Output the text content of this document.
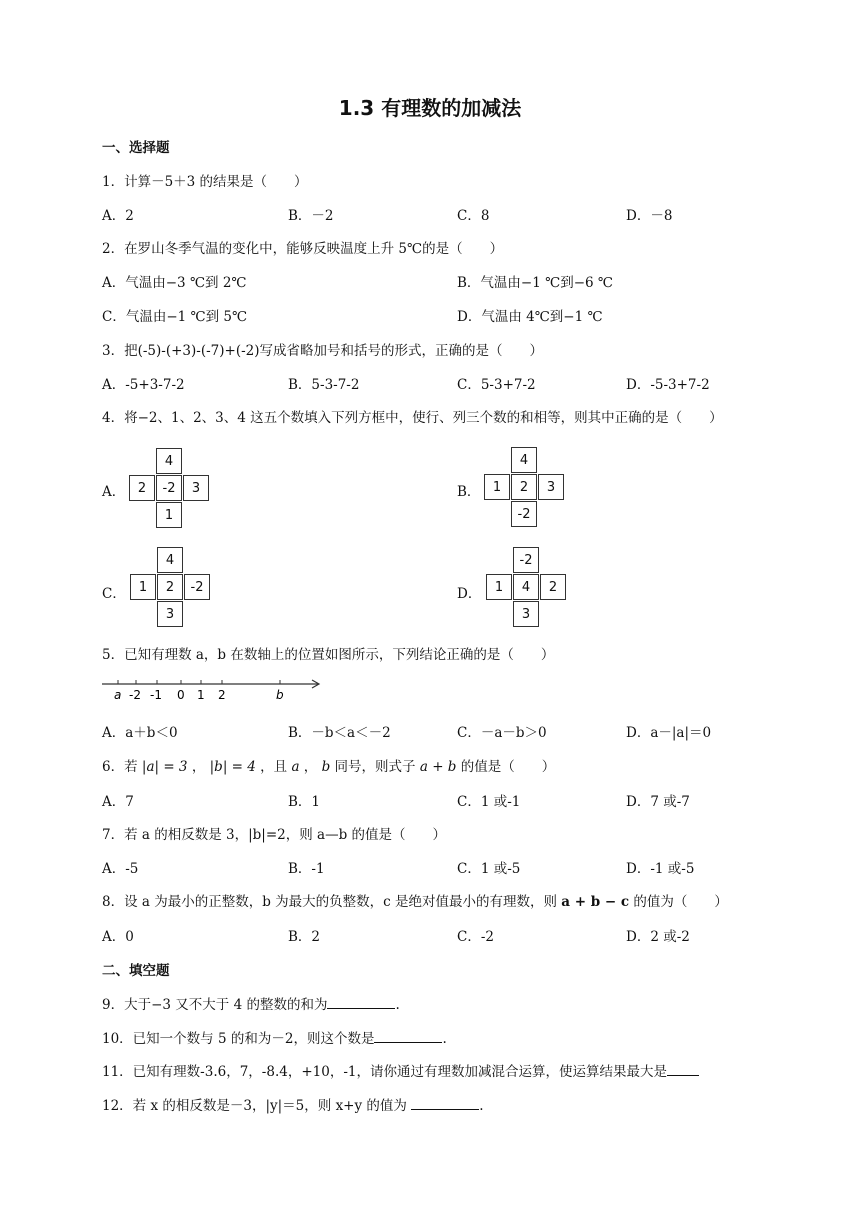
1.3 有理数的加减法
一、选择题
1．计算－5＋3 的结果是（　　）
A．2	B．－2	C．8	D．－8
2．在罗山冬季气温的变化中，能够反映温度上升 5℃的是（　　）
A．气温由−3 ℃到 2℃	B．气温由−1 ℃到−6 ℃
C．气温由−1 ℃到 5℃	D．气温由 4℃到−1 ℃
3．把(-5)-(+3)-(-7)+(-2)写成省略加号和括号的形式，正确的是（　　）
A．-5+3-7-2	B．5-3-7-2	C．5-3+7-2	D．-5-3+7-2
4．将−2、1、2、3、4 这五个数填入下列方框中，使行、列三个数的和相等，则其中正确的是（　　）
A．
4
2	-2	3
1
B．
4
1	2	3
-2
C．
4
1	2	-2
3
D．
-2
1	4	2
3
5．已知有理数 a，b 在数轴上的位置如图所示，下列结论正确的是（　　）
a -2 -1 0 1 2	b
A．a＋b＜0	B．－b＜a＜－2	C．－a－b＞0	D．a－|a|＝0
6．若 |a| = 3 ， |b| = 4 ，且 a ， b 同号，则式子 a + b 的值是（　　）
A．7	B．1	C．1 或-1	D．7 或-7
7．若 a 的相反数是 3，|b|=2，则 a—b 的值是（　　）
A．-5	B．-1	C．1 或-5	D．-1 或-5
8．设 a 为最小的正整数，b 为最大的负整数，c 是绝对值最小的有理数，则 a + b − c 的值为（　　）
A．0	B．2	C．-2	D．2 或-2
二、填空题
9．大于−3 又不大于 4 的整数的和为	.
10．已知一个数与 5 的和为－2，则这个数是	.
11．已知有理数-3.6，7，-8.4，+10，-1，请你通过有理数加减混合运算，使运算结果最大是
12．若 x 的相反数是－3，|y|＝5，则 x+y 的值为	.
